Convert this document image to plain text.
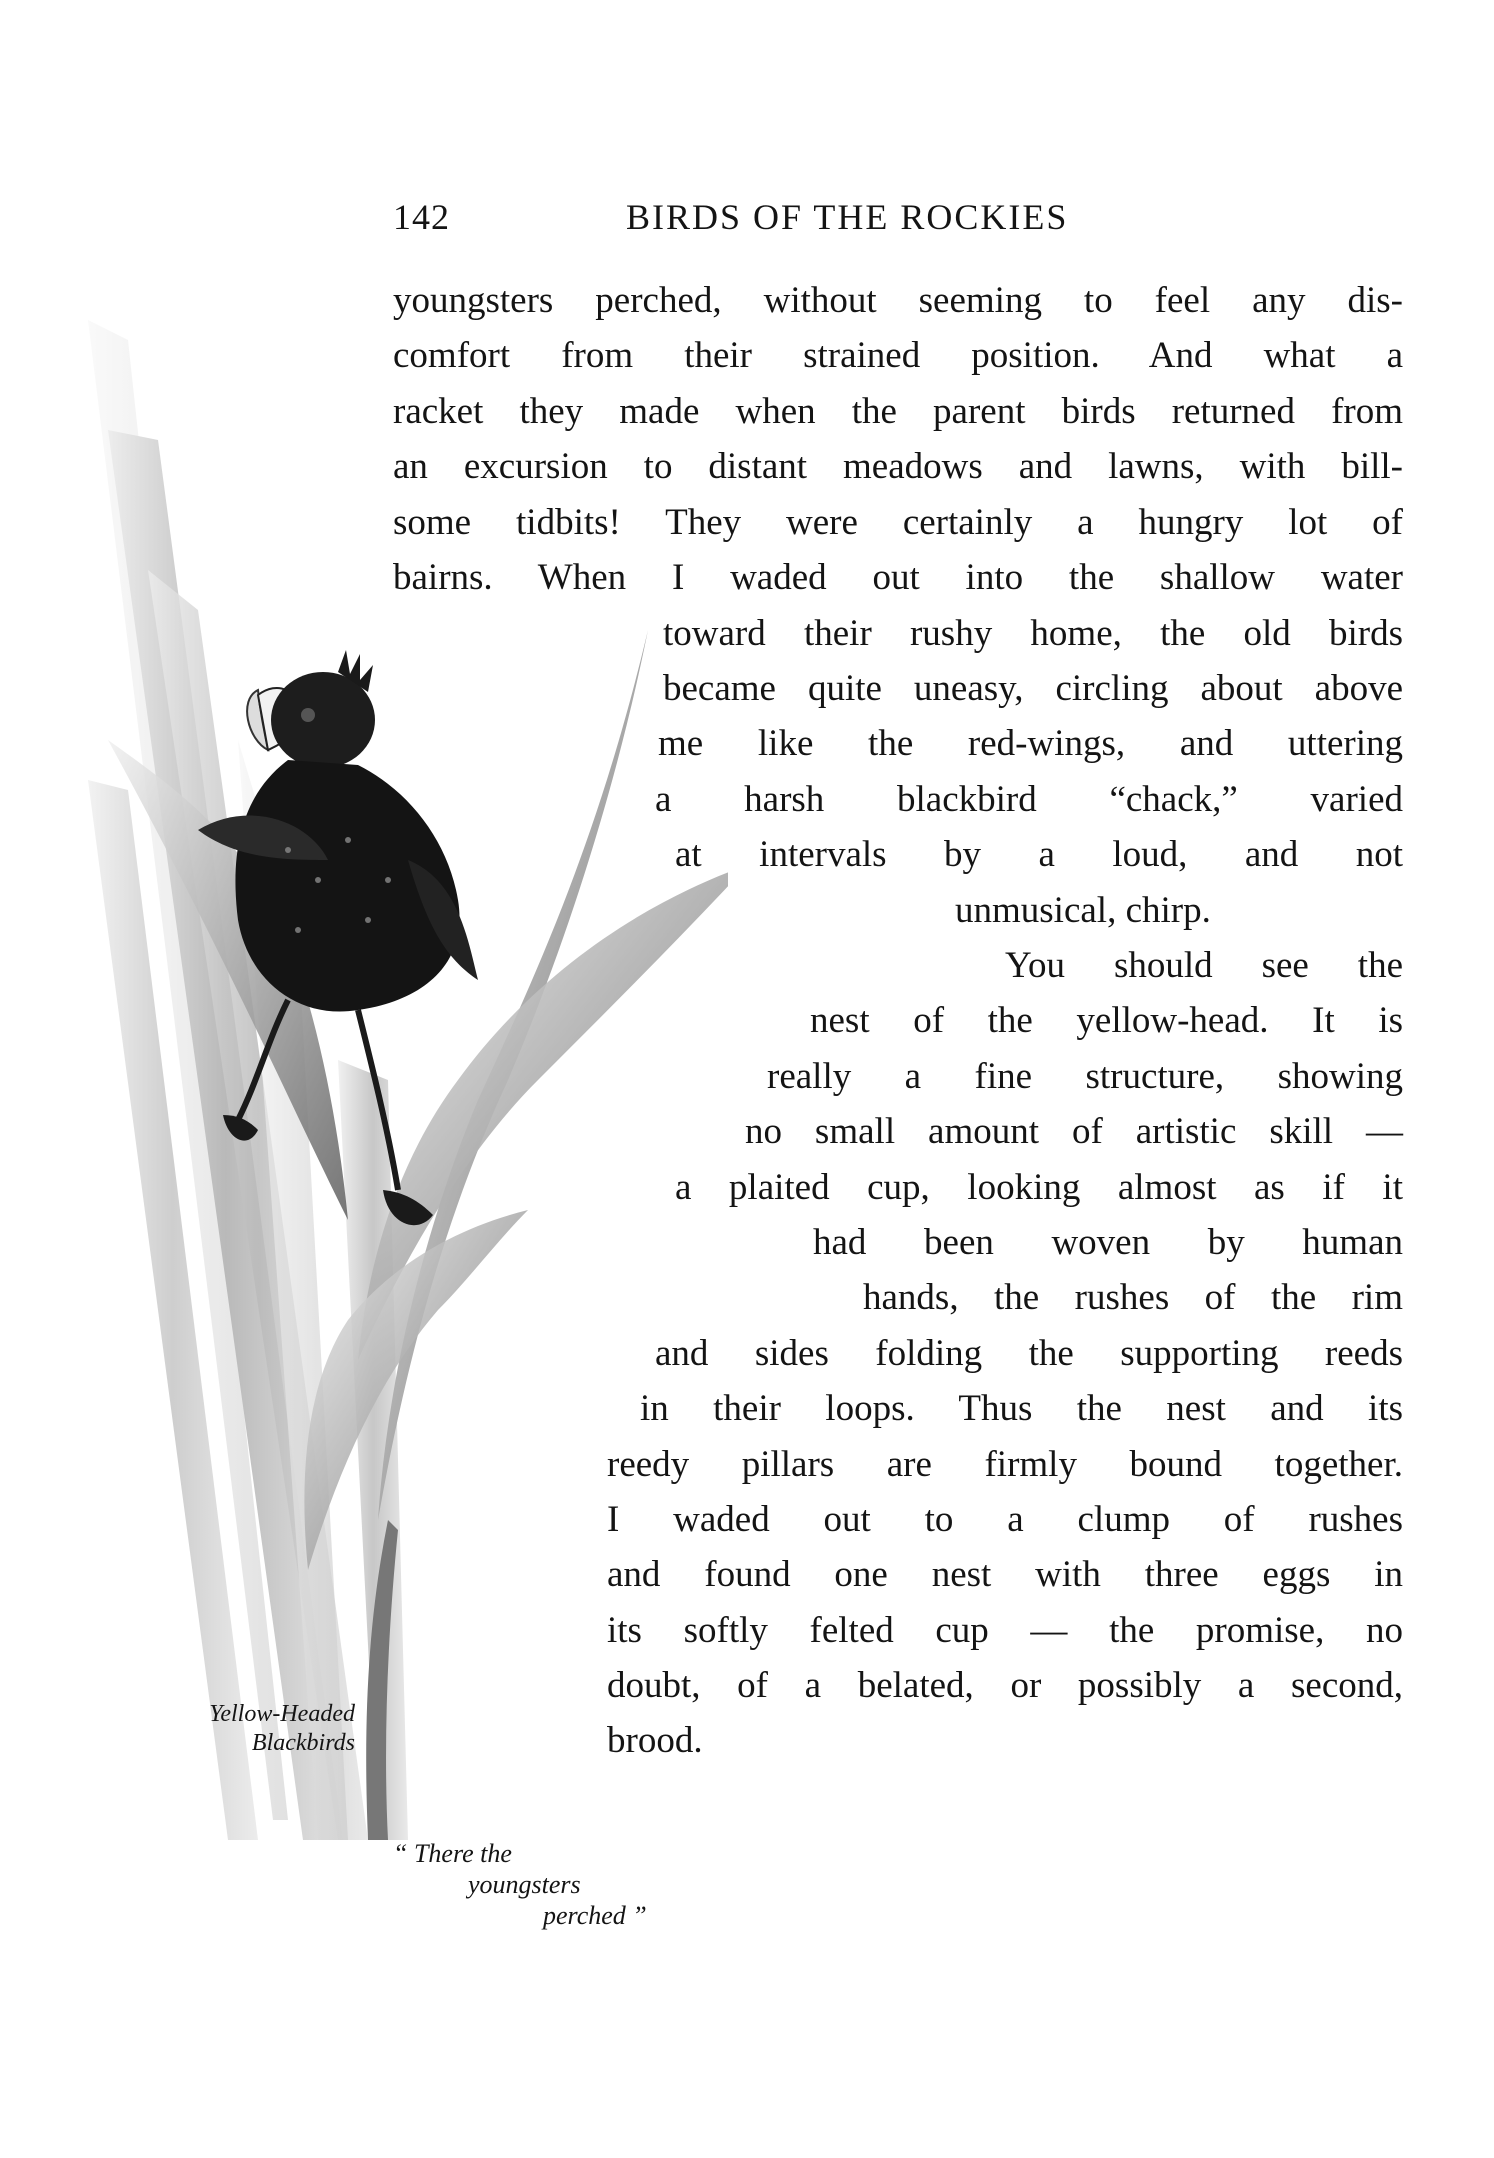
142	BIRDS OF THE ROCKIES
youngsters perched, without seeming to feel any dis-
comfort from their strained position. And what a
racket they made when the parent birds returned from
an excursion to distant meadows and lawns, with bill-
some tidbits! They were certainly a hungry lot of
bairns. When I waded out into the shallow water
toward their rushy home, the old birds
became quite uneasy, circling about above
me like the red-wings, and uttering
a harsh blackbird “chack,” varied
at intervals by a loud, and not
unmusical, chirp.
You should see the
nest of the yellow-head. It is
really a fine structure, showing
no small amount of artistic skill —
a plaited cup, looking almost as if it
had been woven by human
hands, the rushes of the rim
and sides folding the supporting reeds
in their loops. Thus the nest and its
reedy pillars are firmly bound together.
I waded out to a clump of rushes
and found one nest with three eggs in
its softly felted cup — the promise, no
doubt, of a belated, or possibly a second,
brood.
Yellow-Headed
Blackbirds
“ There the
youngsters
perched ”
